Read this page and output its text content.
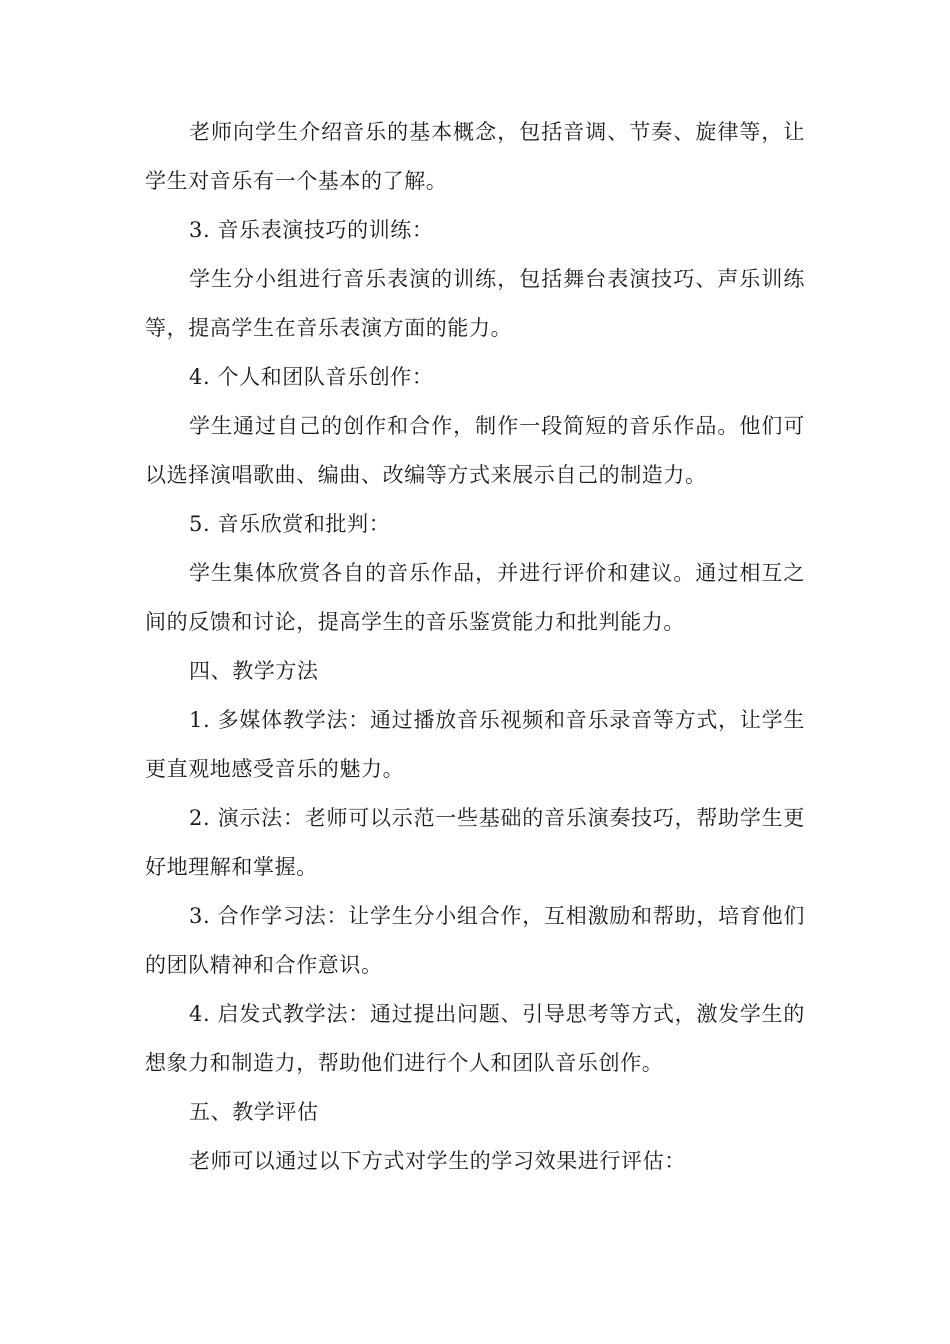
老师向学生介绍音乐的基本概念，包括音调、节奏、旋律等，让学生对音乐有一个基本的了解。

3. 音乐表演技巧的训练：

学生分小组进行音乐表演的训练，包括舞台表演技巧、声乐训练等，提高学生在音乐表演方面的能力。

4. 个人和团队音乐创作：

学生通过自己的创作和合作，制作一段简短的音乐作品。他们可以选择演唱歌曲、编曲、改编等方式来展示自己的制造力。

5. 音乐欣赏和批判：

学生集体欣赏各自的音乐作品，并进行评价和建议。通过相互之间的反馈和讨论，提高学生的音乐鉴赏能力和批判能力。

四、教学方法

1. 多媒体教学法：通过播放音乐视频和音乐录音等方式，让学生更直观地感受音乐的魅力。

2. 演示法：老师可以示范一些基础的音乐演奏技巧，帮助学生更好地理解和掌握。

3. 合作学习法：让学生分小组合作，互相激励和帮助，培育他们的团队精神和合作意识。

4. 启发式教学法：通过提出问题、引导思考等方式，激发学生的想象力和制造力，帮助他们进行个人和团队音乐创作。

五、教学评估

老师可以通过以下方式对学生的学习效果进行评估：
